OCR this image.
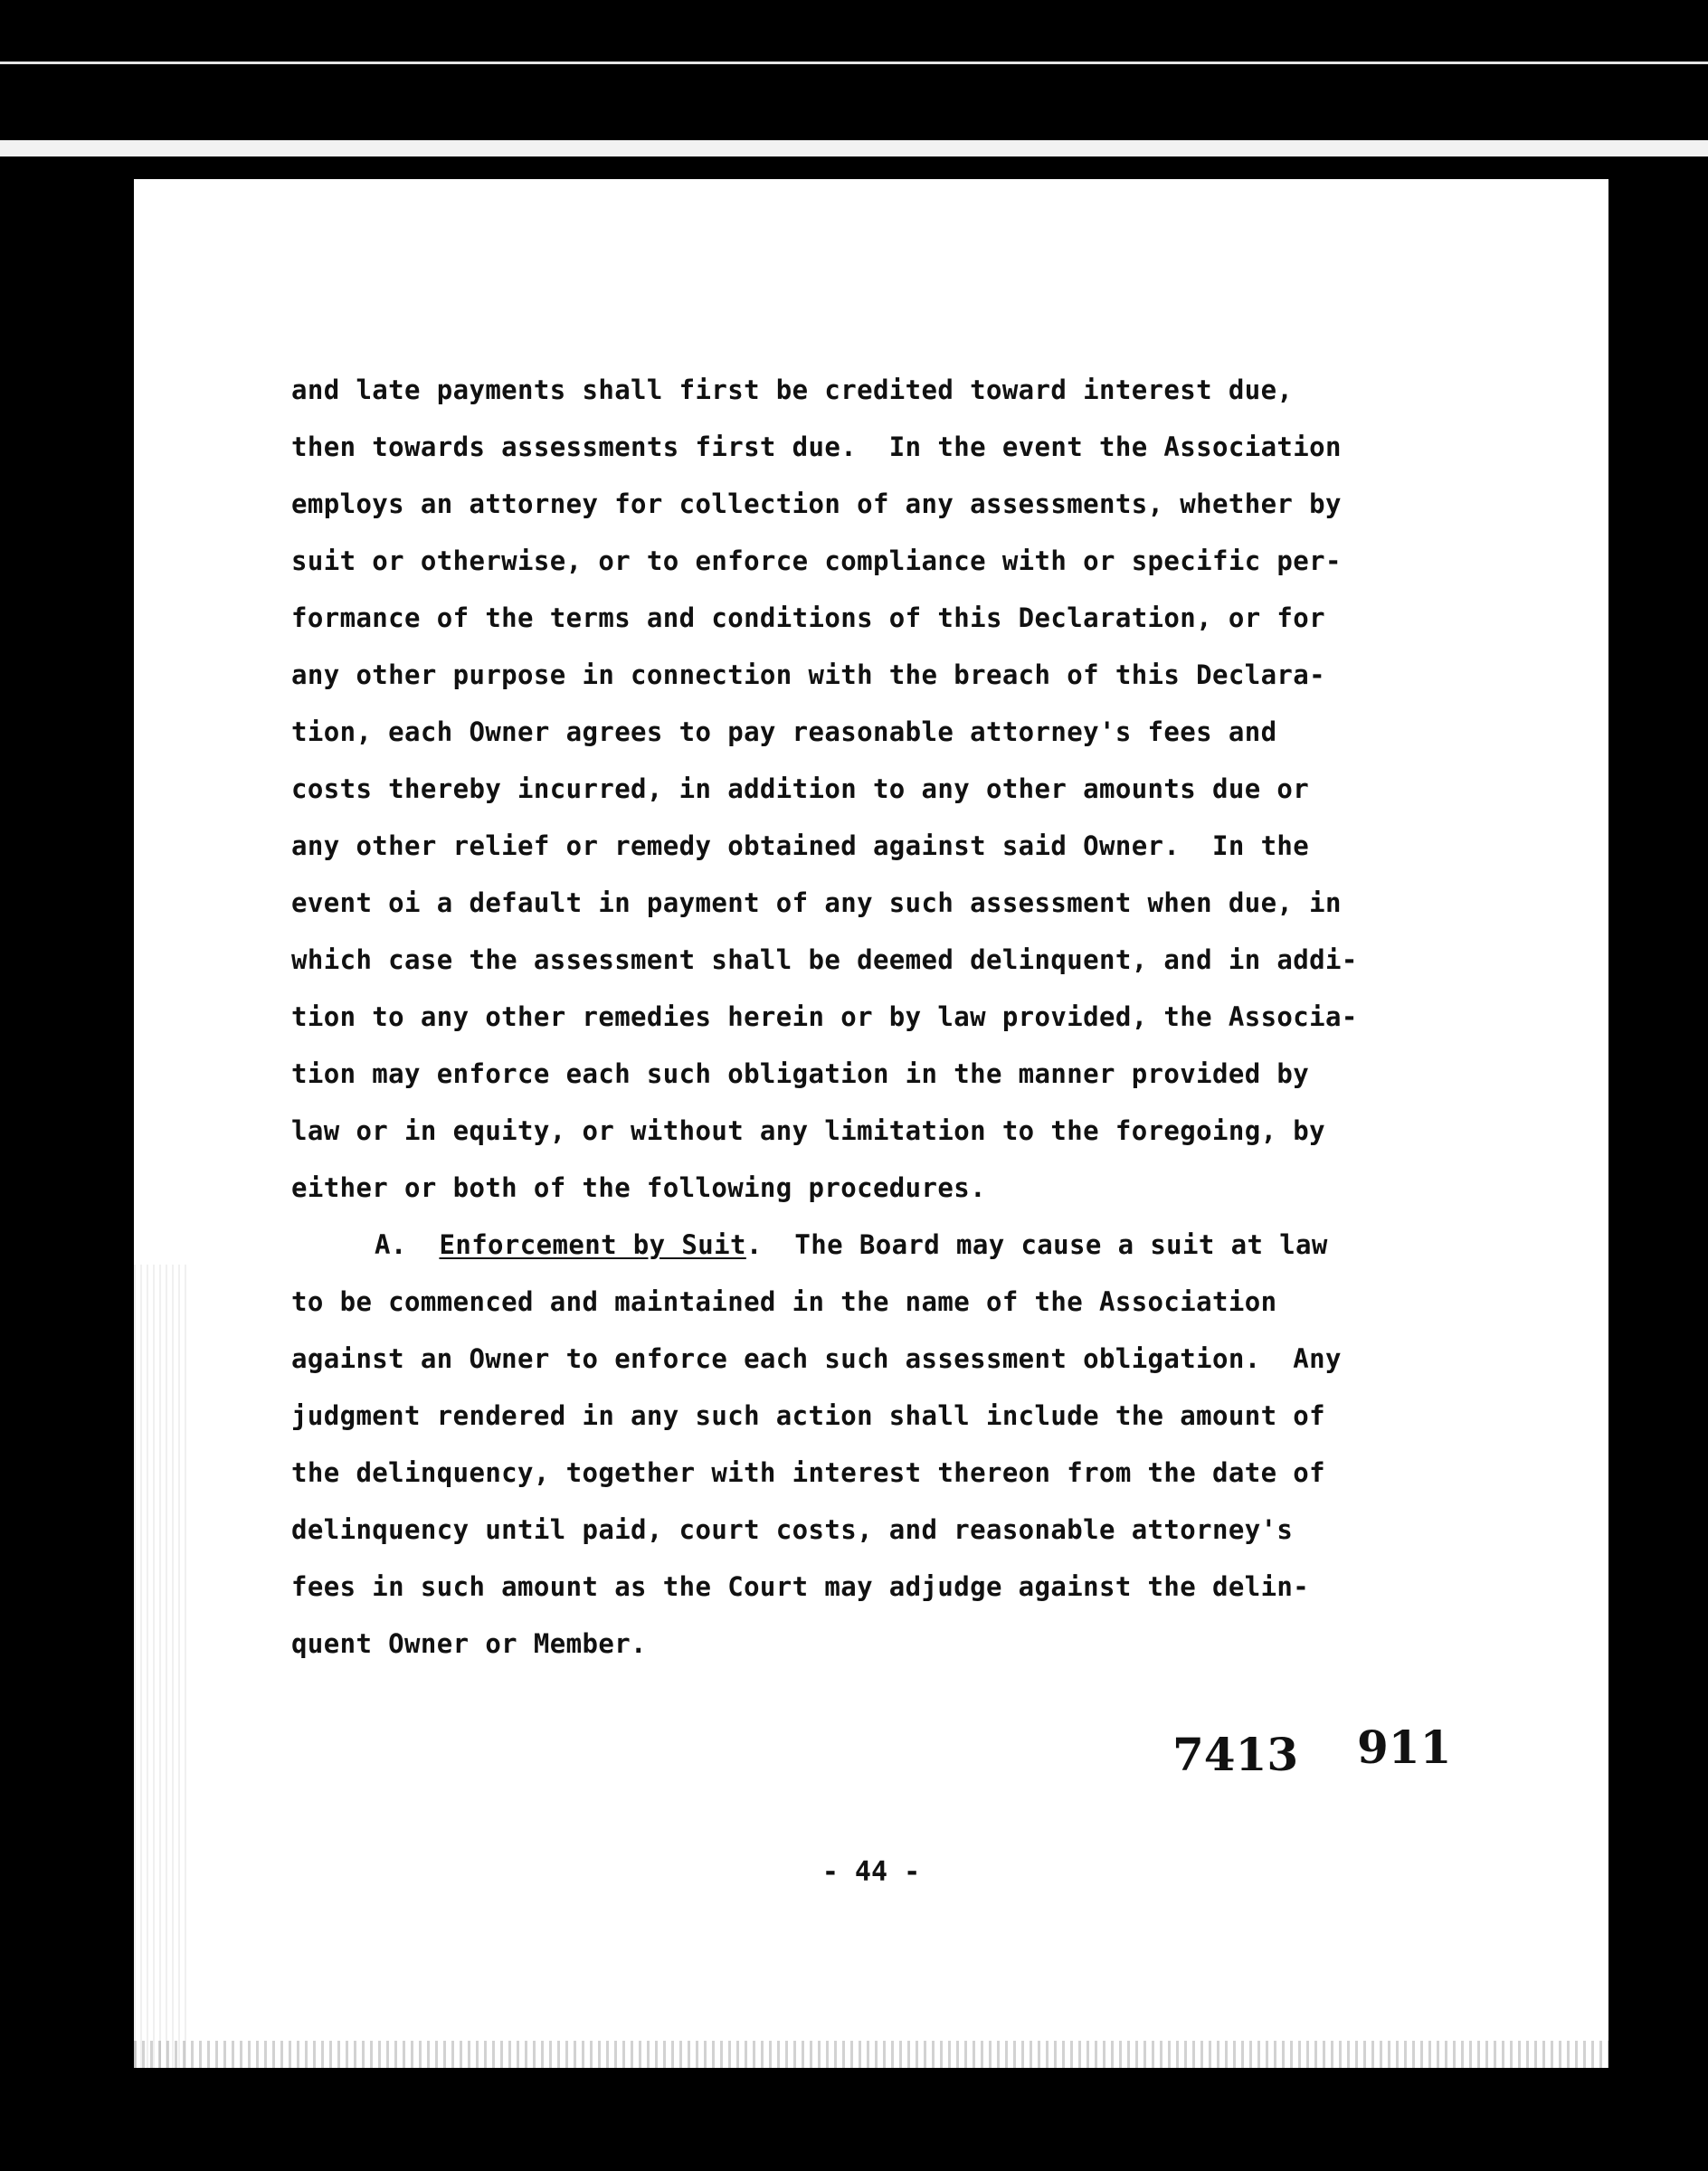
and late payments shall first be credited toward interest due,
then towards assessments first due.  In the event the Association
employs an attorney for collection of any assessments, whether by
suit or otherwise, or to enforce compliance with or specific per-
formance of the terms and conditions of this Declaration, or for
any other purpose in connection with the breach of this Declara-
tion, each Owner agrees to pay reasonable attorney's fees and
costs thereby incurred, in addition to any other amounts due or
any other relief or remedy obtained against said Owner.  In the
event oi a default in payment of any such assessment when due, in
which case the assessment shall be deemed delinquent, and in addi-
tion to any other remedies herein or by law provided, the Associa-
tion may enforce each such obligation in the manner provided by
law or in equity, or without any limitation to the foregoing, by
either or both of the following procedures.
A. Enforcement by Suit.  The Board may cause a suit at law
to be commenced and maintained in the name of the Association
against an Owner to enforce each such assessment obligation.  Any
judgment rendered in any such action shall include the amount of
the delinquency, together with interest thereon from the date of
delinquency until paid, court costs, and reasonable attorney's
fees in such amount as the Court may adjudge against the delin-
quent Owner or Member.
7413 911
- 44 -
